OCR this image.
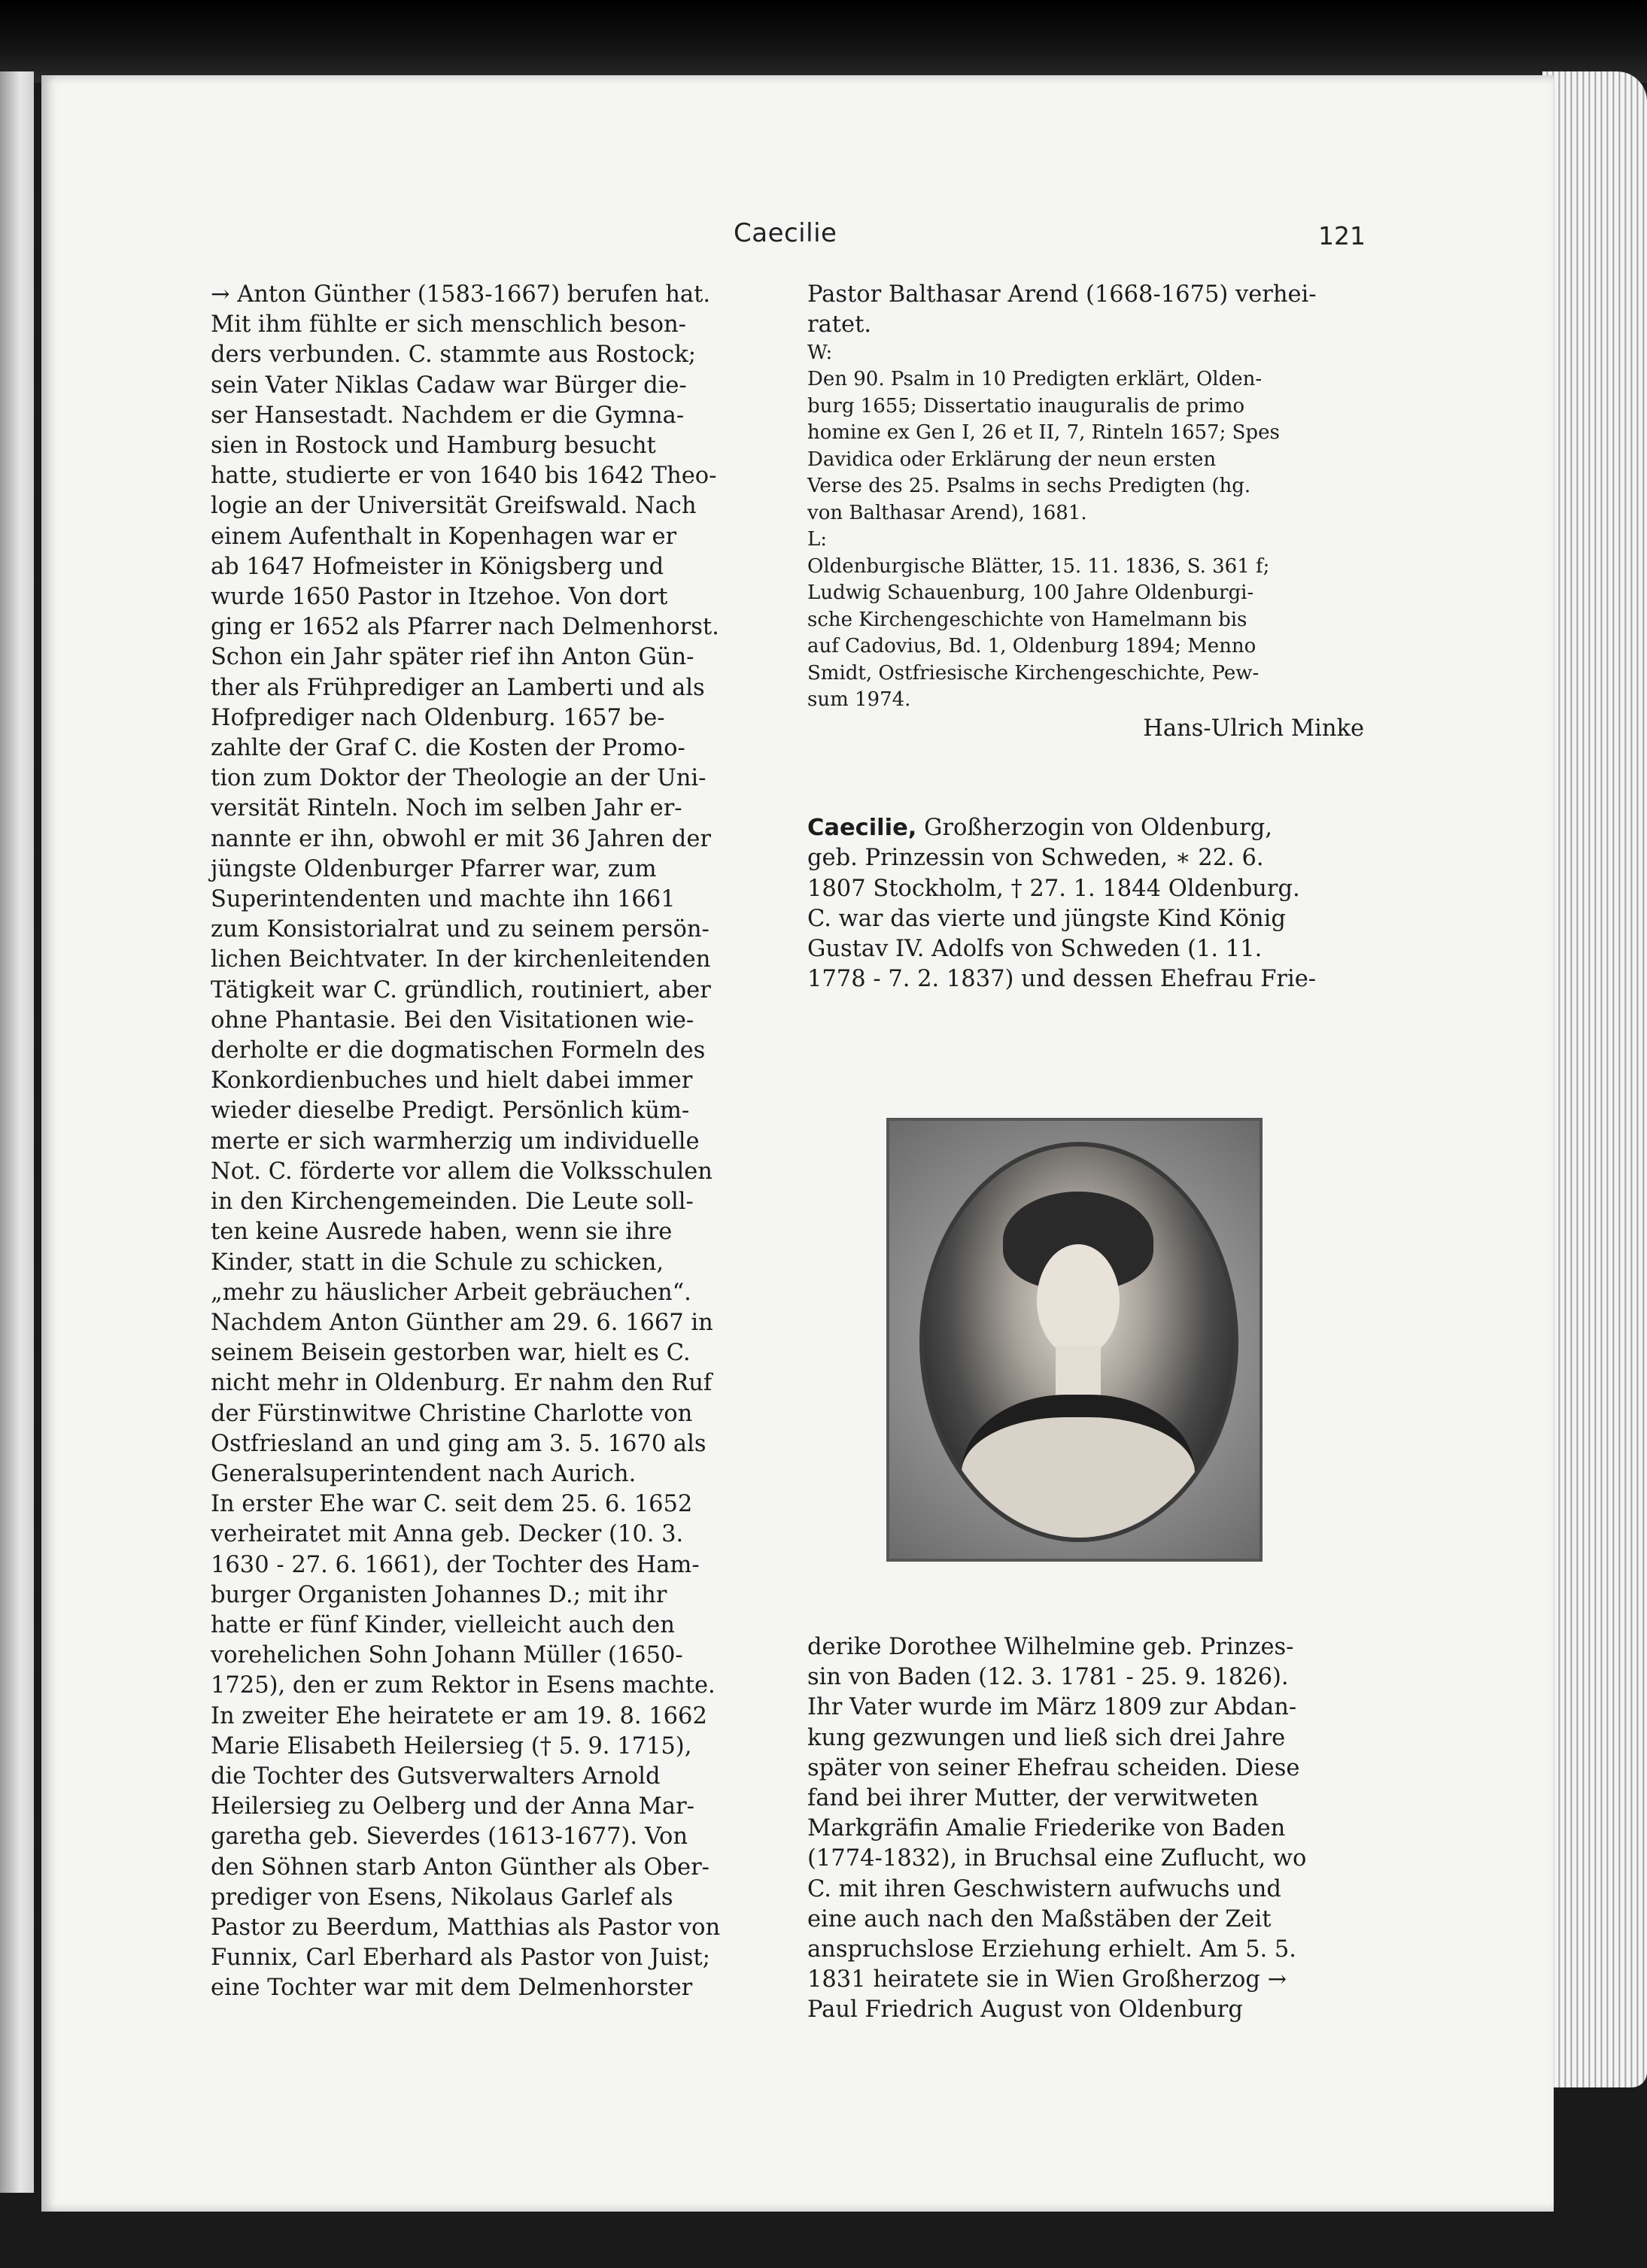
Caecilie	121

→ Anton Günther (1583-1667) berufen hat.

Mit ihm fühlte er sich menschlich beson-

ders verbunden. C. stammte aus Rostock;

sein Vater Niklas Cadaw war Bürger die-

ser Hansestadt. Nachdem er die Gymna-

sien in Rostock und Hamburg besucht

hatte, studierte er von 1640 bis 1642 Theo-

logie an der Universität Greifswald. Nach

einem Aufenthalt in Kopenhagen war er

ab 1647 Hofmeister in Königsberg und

wurde 1650 Pastor in Itzehoe. Von dort

ging er 1652 als Pfarrer nach Delmenhorst.

Schon ein Jahr später rief ihn Anton Gün-

ther als Frühprediger an Lamberti und als

Hofprediger nach Oldenburg. 1657 be-

zahlte der Graf C. die Kosten der Promo-

tion zum Doktor der Theologie an der Uni-

versität Rinteln. Noch im selben Jahr er-

nannte er ihn, obwohl er mit 36 Jahren der

jüngste Oldenburger Pfarrer war, zum

Superintendenten und machte ihn 1661

zum Konsistorialrat und zu seinem persön-

lichen Beichtvater. In der kirchenleitenden

Tätigkeit war C. gründlich, routiniert, aber

ohne Phantasie. Bei den Visitationen wie-

derholte er die dogmatischen Formeln des

Konkordienbuches und hielt dabei immer

wieder dieselbe Predigt. Persönlich küm-

merte er sich warmherzig um individuelle

Not. C. förderte vor allem die Volksschulen

in den Kirchengemeinden. Die Leute soll-

ten keine Ausrede haben, wenn sie ihre

Kinder, statt in die Schule zu schicken,

„mehr zu häuslicher Arbeit gebräuchen“.

Nachdem Anton Günther am 29. 6. 1667 in

seinem Beisein gestorben war, hielt es C.

nicht mehr in Oldenburg. Er nahm den Ruf

der Fürstinwitwe Christine Charlotte von

Ostfriesland an und ging am 3. 5. 1670 als

Generalsuperintendent nach Aurich.

In erster Ehe war C. seit dem 25. 6. 1652

verheiratet mit Anna geb. Decker (10. 3.

1630 - 27. 6. 1661), der Tochter des Ham-

burger Organisten Johannes D.; mit ihr

hatte er fünf Kinder, vielleicht auch den

vorehelichen Sohn Johann Müller (1650-

1725), den er zum Rektor in Esens machte.

In zweiter Ehe heiratete er am 19. 8. 1662

Marie Elisabeth Heilersieg († 5. 9. 1715),

die Tochter des Gutsverwalters Arnold

Heilersieg zu Oelberg und der Anna Mar-

garetha geb. Sieverdes (1613-1677). Von

den Söhnen starb Anton Günther als Ober-

prediger von Esens, Nikolaus Garlef als

Pastor zu Beerdum, Matthias als Pastor von

Funnix, Carl Eberhard als Pastor von Juist;

eine Tochter war mit dem Delmenhorster

Pastor Balthasar Arend (1668-1675) verhei-

ratet.

W:

Den 90. Psalm in 10 Predigten erklärt, Olden-

burg 1655; Dissertatio inauguralis de primo

homine ex Gen I, 26 et II, 7, Rinteln 1657; Spes

Davidica oder Erklärung der neun ersten

Verse des 25. Psalms in sechs Predigten (hg.

von Balthasar Arend), 1681.

L:

Oldenburgische Blätter, 15. 11. 1836, S. 361 f;

Ludwig Schauenburg, 100 Jahre Oldenburgi-

sche Kirchengeschichte von Hamelmann bis

auf Cadovius, Bd. 1, Oldenburg 1894; Menno

Smidt, Ostfriesische Kirchengeschichte, Pew-

sum 1974.

Hans-Ulrich Minke

Caecilie, Großherzogin von Oldenburg,

geb. Prinzessin von Schweden, ∗ 22. 6.

1807 Stockholm, † 27. 1. 1844 Oldenburg.

C. war das vierte und jüngste Kind König

Gustav IV. Adolfs von Schweden (1. 11.

1778 - 7. 2. 1837) und dessen Ehefrau Frie-

derike Dorothee Wilhelmine geb. Prinzes-

sin von Baden (12. 3. 1781 - 25. 9. 1826).

Ihr Vater wurde im März 1809 zur Abdan-

kung gezwungen und ließ sich drei Jahre

später von seiner Ehefrau scheiden. Diese

fand bei ihrer Mutter, der verwitweten

Markgräfin Amalie Friederike von Baden

(1774-1832), in Bruchsal eine Zuflucht, wo

C. mit ihren Geschwistern aufwuchs und

eine auch nach den Maßstäben der Zeit

anspruchslose Erziehung erhielt. Am 5. 5.

1831 heiratete sie in Wien Großherzog →

Paul Friedrich August von Oldenburg
